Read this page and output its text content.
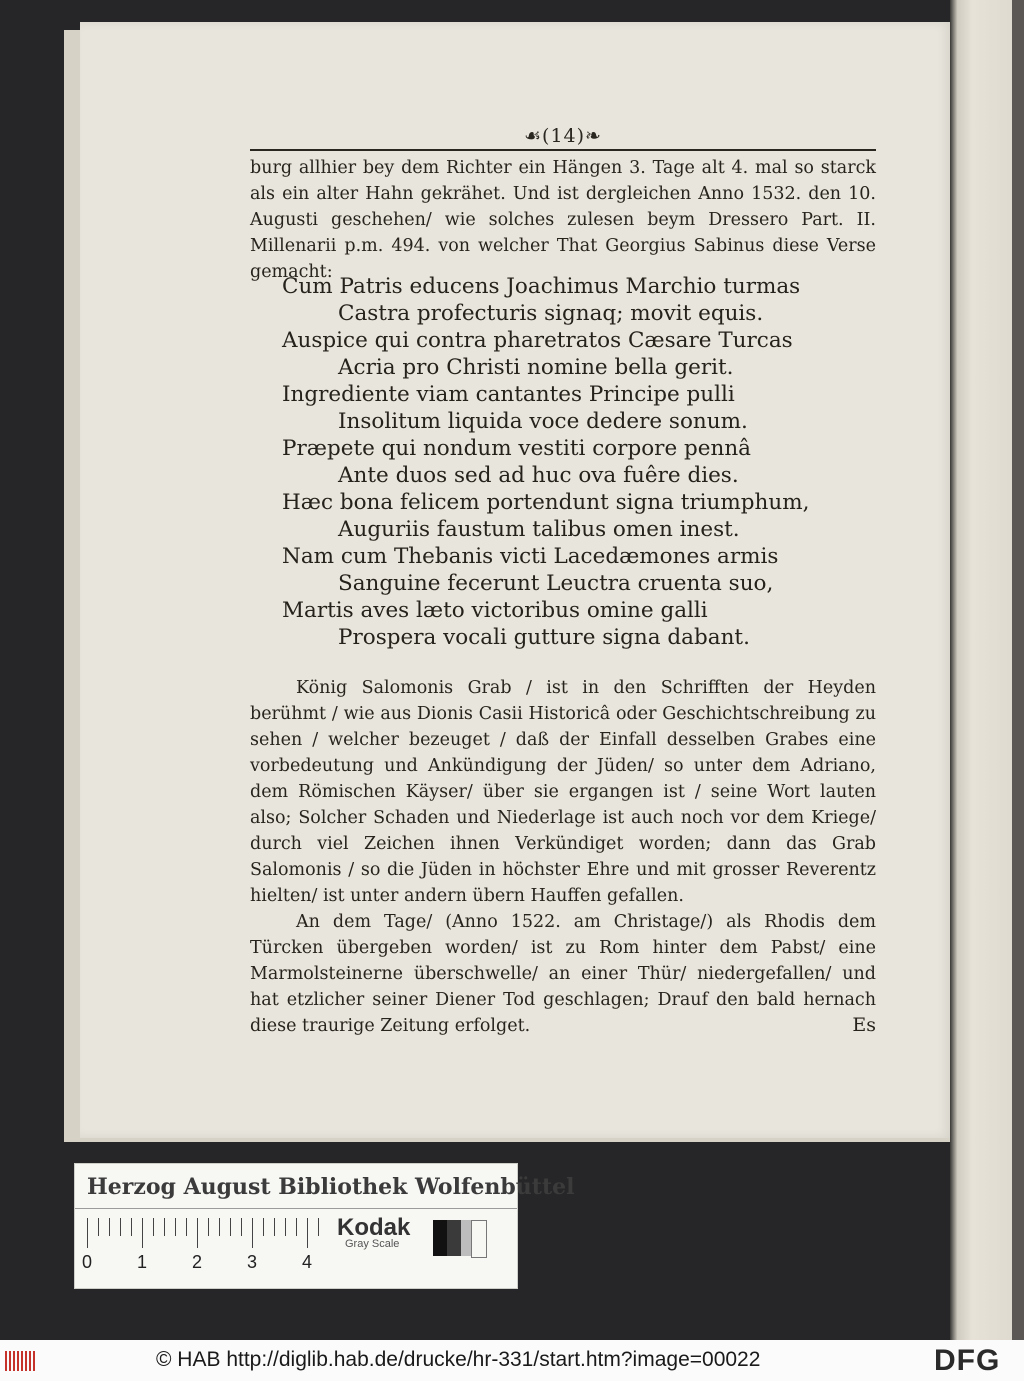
☙(14)❧

burg allhier bey dem Richter ein Hängen 3. Tage alt 4. mal so starck als ein alter Hahn gekrähet. Und ist dergleichen Anno 1532. den 10. Augusti geschehen/ wie solches zulesen beym Dressero Part. II. Millenarii p.m. 494. von welcher That Georgius Sabinus diese Verse gemacht:

Cum Patris educens Joachimus Marchio turmas
Castra profecturis signaq; movit equis.
Auspice qui contra pharetratos Cæsare Turcas
Acria pro Christi nomine bella gerit.
Ingrediente viam cantantes Principe pulli
Insolitum liquida voce dedere sonum.
Præpete qui nondum vestiti corpore pennâ
Ante duos sed ad huc ova fuêre dies.
Hæc bona felicem portendunt signa triumphum,
Auguriis faustum talibus omen inest.
Nam cum Thebanis victi Lacedæmones armis
Sanguine fecerunt Leuctra cruenta suo,
Martis aves læto victoribus omine galli
Prospera vocali gutture signa dabant.

König Salomonis Grab / ist in den Schrifften der Heyden berühmt / wie aus Dionis Casii Historicâ oder Geschichtschreibung zu sehen / welcher bezeuget / daß der Einfall desselben Grabes eine vorbedeutung und Ankündigung der Jüden/ so unter dem Adriano, dem Römischen Käyser/ über sie ergangen ist / seine Wort lauten also; Solcher Schaden und Niederlage ist auch noch vor dem Kriege/ durch viel Zeichen ihnen Verkündiget worden; dann das Grab Salomonis / so die Jüden in höchster Ehre und mit grosser Reverentz hielten/ ist unter andern übern Hauffen gefallen.

An dem Tage/ (Anno 1522. am Christage/) als Rhodis dem Türcken übergeben worden/ ist zu Rom hinter dem Pabst/ eine Marmolsteinerne überschwelle/ an einer Thür/ niedergefallen/ und hat etzlicher seiner Diener Tod geschlagen; Drauf den bald hernach diese traurige Zeitung erfolget.	Es
Herzog August Bibliothek Wolfenbüttel
0 1 2 3 4
Kodak
Gray Scale
© HAB http://diglib.hab.de/drucke/hr-331/start.htm?image=00022	DFG
